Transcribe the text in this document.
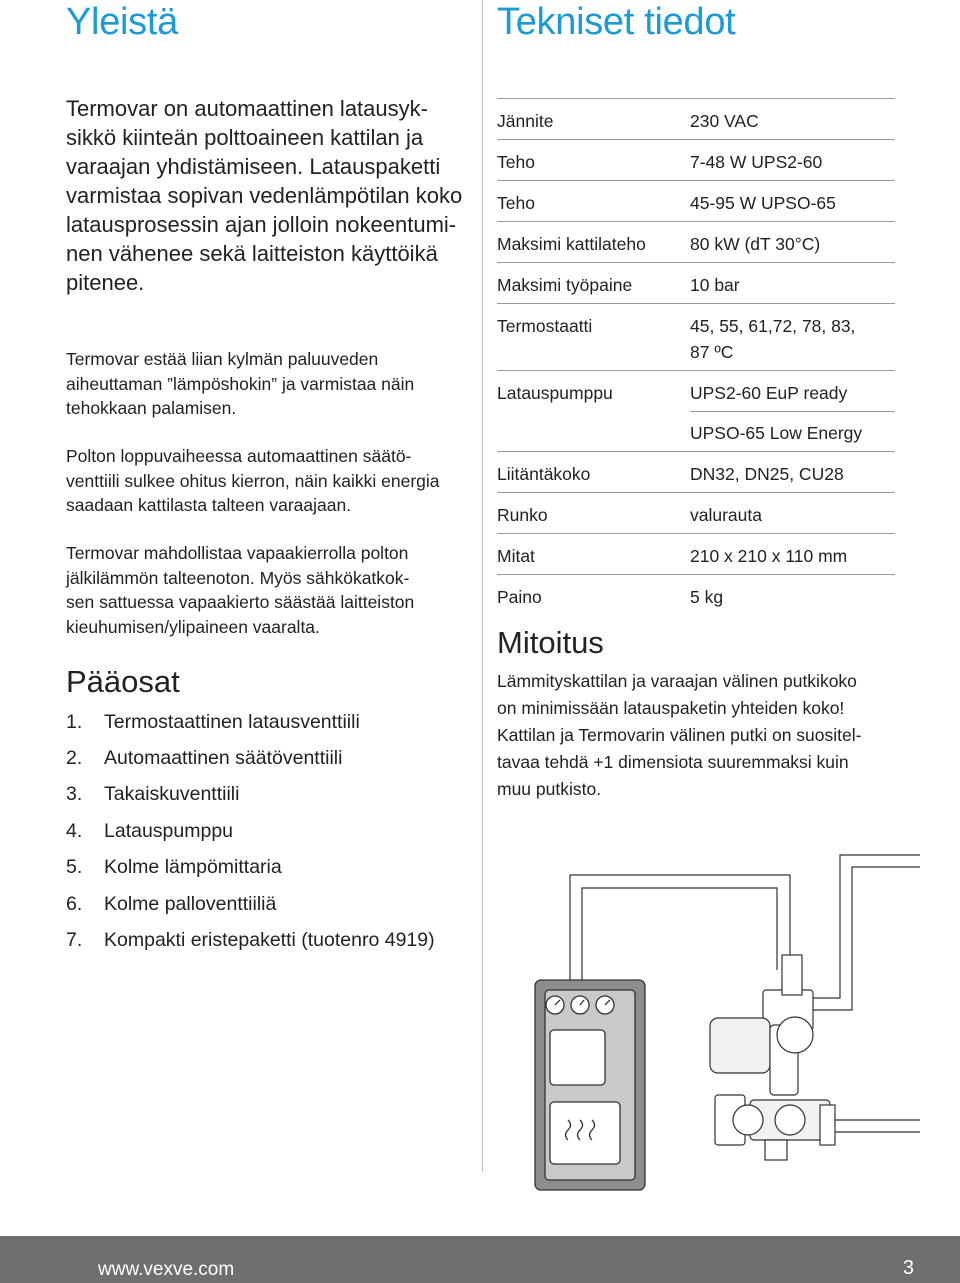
Yleistä
Termovar on automaattinen latausyk-
sikkö kiinteän polttoaineen kattilan ja
varaajan yhdistämiseen. Latauspaketti
varmistaa sopivan vedenlämpötilan koko
latausprosessin ajan jolloin nokeentumi-
nen vähenee sekä laitteiston käyttöikä
pitenee.
Termovar estää liian kylmän paluuveden
aiheuttaman ”lämpöshokin” ja varmistaa näin
tehokkaan palamisen.
Polton loppuvaiheessa automaattinen säätö-
venttiili sulkee ohitus kierron, näin kaikki energia
saadaan kattilasta talteen varaajaan.
Termovar mahdollistaa vapaakierrolla polton
jälkilämmön talteenoton. Myös sähkökatkok-
sen sattuessa vapaakierto säästää laitteiston
kieuhumisen/ylipaineen vaaralta.
Pääosat
1.	Termostaattinen latausventtiili
2.	Automaattinen säätöventtiili
3.	Takaiskuventtiili
4.	Latauspumppu
5.	Kolme lämpömittaria
6.	Kolme palloventtiiliä
7.	Kompakti eristepaketti (tuotenro 4919)
Tekniset tiedot
Jännite	230 VAC
Teho	7-48 W UPS2-60
Teho	45-95 W UPSO-65
Maksimi kattilateho	80 kW (dT 30°C)
Maksimi työpaine	10 bar
Termostaatti	45, 55, 61,72, 78, 83,
87 ºC
Latauspumppu	UPS2-60 EuP ready
UPSO-65 Low Energy
Liitäntäkoko	DN32, DN25, CU28
Runko	valurauta
Mitat	210 x 210 x 110 mm
Paino	5 kg
Mitoitus
Lämmityskattilan ja varaajan välinen putkikoko
on minimissään latauspaketin yhteiden koko!
Kattilan ja Termovarin välinen putki on suositel-
tavaa tehdä +1 dimensiota suuremmaksi kuin
muu putkisto.
www.vexve.com	3
